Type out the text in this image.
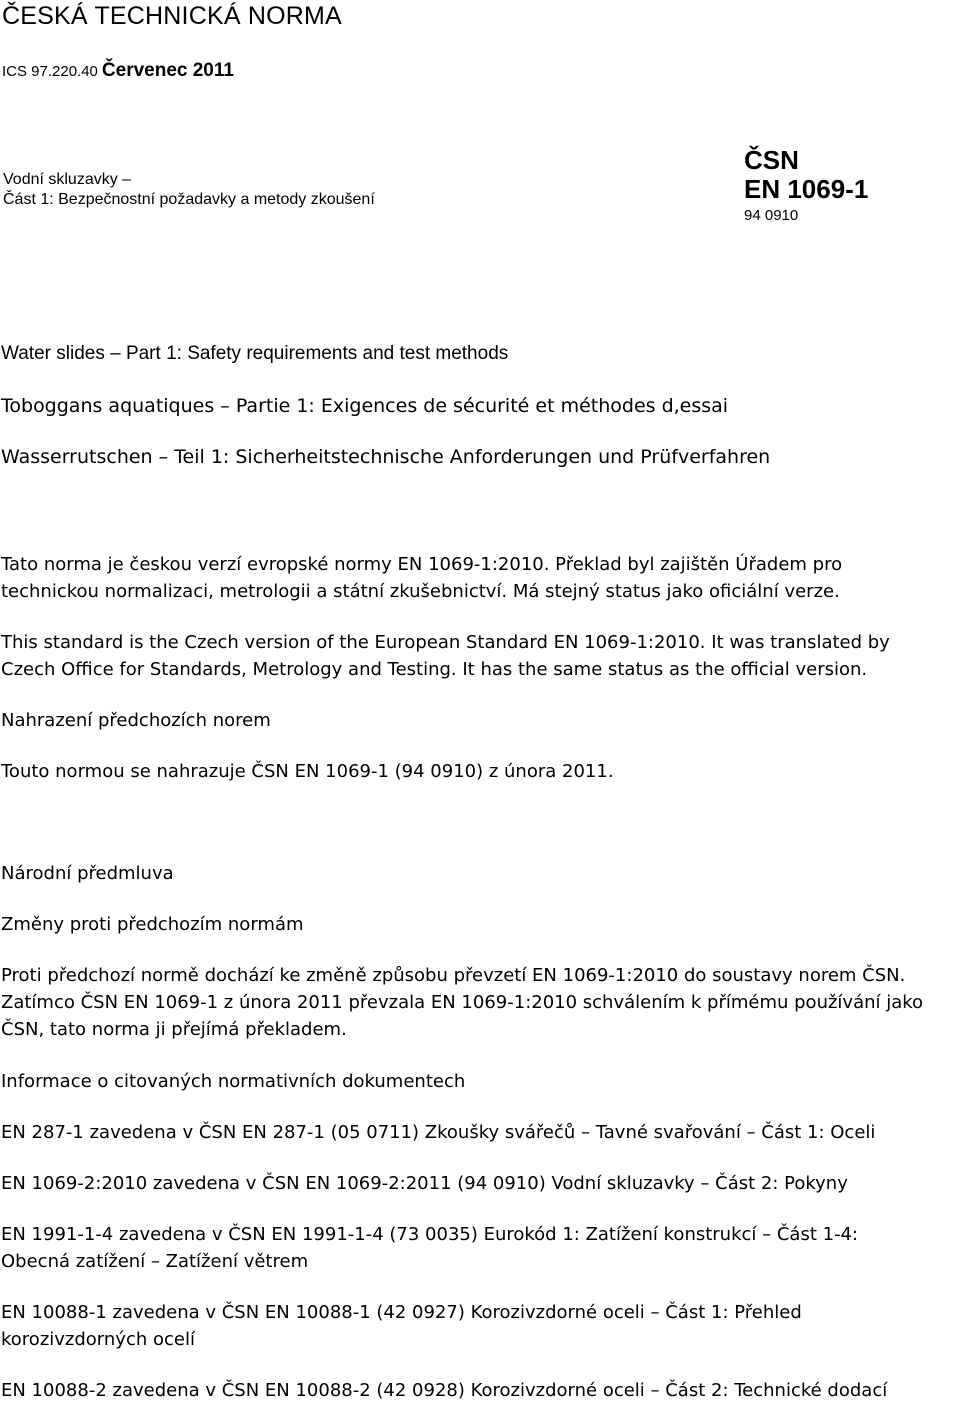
ČESKÁ TECHNICKÁ NORMA
ICS 97.220.40 Červenec 2011
Vodní skluzavky –
Část 1: Bezpečnostní požadavky a metody zkoušení
ČSN
EN 1069-1
94 0910
Water slides – Part 1: Safety requirements and test methods
Toboggans aquatiques – Partie 1: Exigences de sécurité et méthodes d,essai
Wasserrutschen – Teil 1: Sicherheitstechnische Anforderungen und Prüfverfahren
Tato norma je českou verzí evropské normy EN 1069-1:2010. Překlad byl zajištěn Úřadem pro
technickou normalizaci, metrologii a státní zkušebnictví. Má stejný status jako oficiální verze.
This standard is the Czech version of the European Standard EN 1069-1:2010. It was translated by
Czech Office for Standards, Metrology and Testing. It has the same status as the official version.
Nahrazení předchozích norem
Touto normou se nahrazuje ČSN EN 1069-1 (94 0910) z února 2011.
Národní předmluva
Změny proti předchozím normám
Proti předchozí normě dochází ke změně způsobu převzetí EN 1069-1:2010 do soustavy norem ČSN.
Zatímco ČSN EN 1069-1 z února 2011 převzala EN 1069-1:2010 schválením k přímému používání jako
ČSN, tato norma ji přejímá překladem.
Informace o citovaných normativních dokumentech
EN 287-1 zavedena v ČSN EN 287-1 (05 0711) Zkoušky svářečů – Tavné svařování – Část 1: Oceli
EN 1069-2:2010 zavedena v ČSN EN 1069-2:2011 (94 0910) Vodní skluzavky – Část 2: Pokyny
EN 1991-1-4 zavedena v ČSN EN 1991-1-4 (73 0035) Eurokód 1: Zatížení konstrukcí – Část 1-4:
Obecná zatížení – Zatížení větrem
EN 10088-1 zavedena v ČSN EN 10088-1 (42 0927) Korozivzdorné oceli – Část 1: Přehled
korozivzdorných ocelí
EN 10088-2 zavedena v ČSN EN 10088-2 (42 0928) Korozivzdorné oceli – Část 2: Technické dodací
